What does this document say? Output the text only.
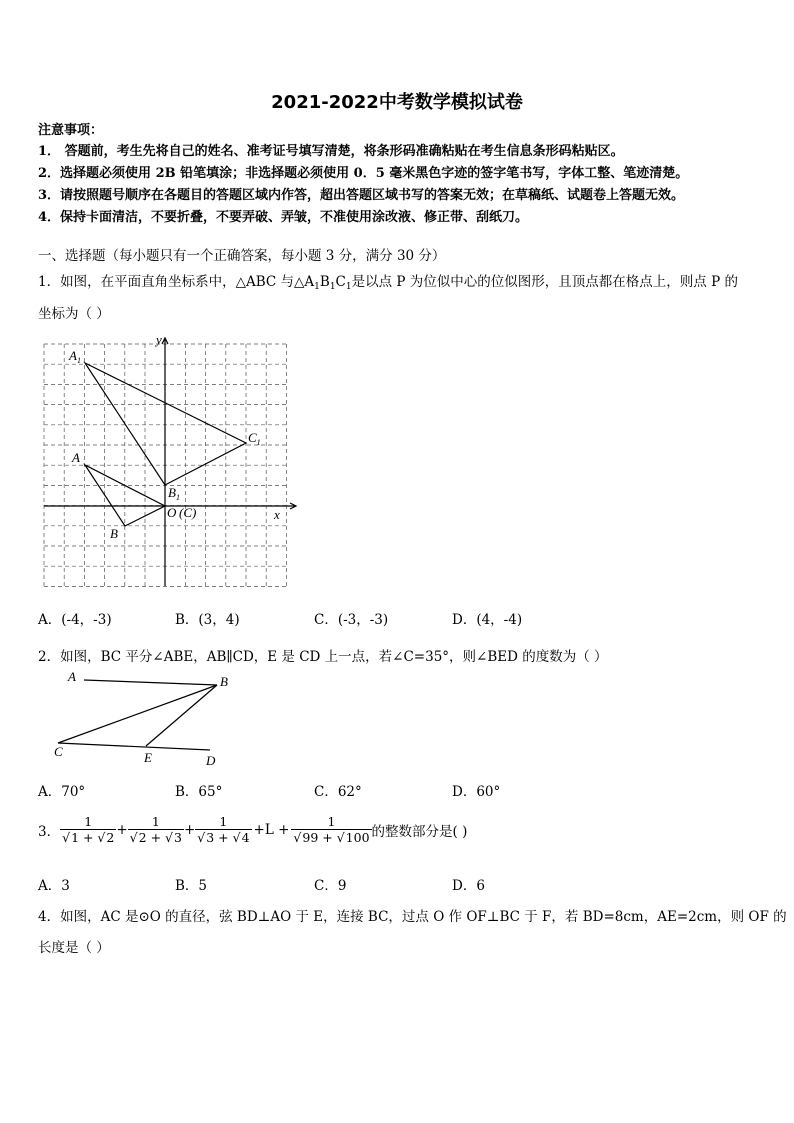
2021-2022中考数学模拟试卷
注意事项：
1． 答题前，考生先将自己的姓名、准考证号填写清楚，将条形码准确粘贴在考生信息条形码粘贴区。
2．选择题必须使用 2B 铅笔填涂；非选择题必须使用 0．5 毫米黑色字迹的签字笔书写，字体工整、笔迹清楚。
3．请按照题号顺序在各题目的答题区域内作答，超出答题区域书写的答案无效；在草稿纸、试题卷上答题无效。
4．保持卡面清洁，不要折叠，不要弄破、弄皱，不准使用涂改液、修正带、刮纸刀。
一、选择题（每小题只有一个正确答案，每小题 3 分，满分 30 分）
1．如图，在平面直角坐标系中，△ABC 与$\triangle A_1B_1C_1$是以点 P 为位似中心的位似图形，且顶点都在格点上，则点 P 的
坐标为（ ）
y
x
$A_1$
$C_1$
A
$B_1$
O (C)
B
A．(-4，-3)	B．(3，4)	C．(-3，-3)	D．(4，-4)
2．如图，BC 平分∠ABE，AB∥CD，E 是 CD 上一点，若∠C=35°，则∠BED 的度数为（ ）
A	B
C	E	D
A．70°	B．65°	C．62°	D．60°
3． $\frac{1}{√1 + √2} + \frac{1}{√2 + √3} + \frac{1}{√3 + √4} +L + \frac{1}{√99 + √100}$ 的整数部分是( )
A．3	B．5	C．9	D．6
4．如图，AC 是⊙O 的直径，弦 BD⊥AO 于 E，连接 BC，过点 O 作 OF⊥BC 于 F，若 BD=8cm，AE=2cm，则 OF 的
长度是（ ）
